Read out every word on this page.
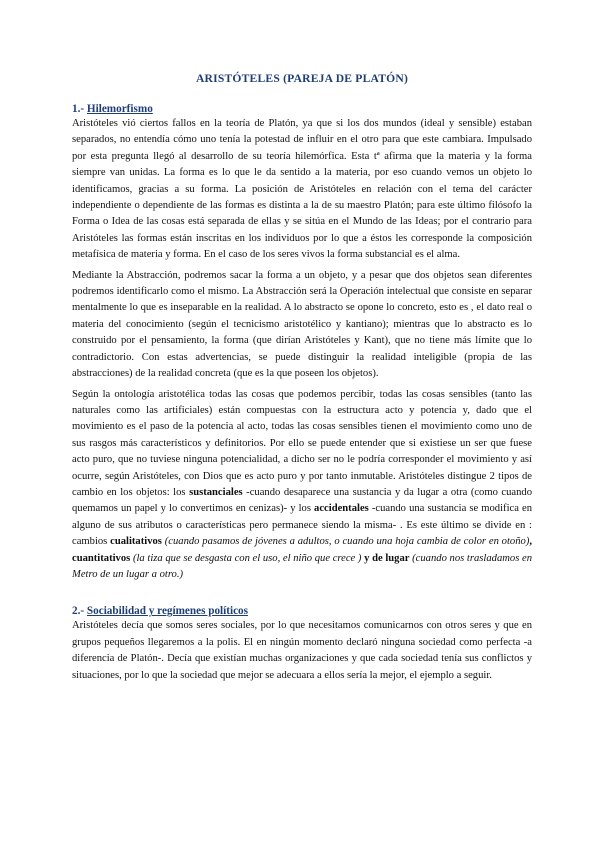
ARISTÓTELES (PAREJA DE PLATÓN)
1.- Hilemorfismo

Aristóteles vió ciertos fallos en la teoría de Platón, ya que si los dos mundos (ideal y sensible) estaban separados, no entendía cómo uno tenía la potestad de influir en el otro para que este cambiara. Impulsado por esta pregunta llegó al desarrollo de su teoría hilemórfica. Esta tª afirma que la materia y la forma siempre van unidas. La forma es lo que le da sentido a la materia, por eso cuando vemos un objeto lo identificamos, gracias a su forma. La posición de Aristóteles en relación con el tema del carácter independiente o dependiente de las formas es distinta a la de su maestro Platón; para este último filósofo la Forma o Idea de las cosas está separada de ellas y se sitúa en el Mundo de las Ideas; por el contrario para Aristóteles las formas están inscritas en los individuos por lo que a éstos les corresponde la composición metafísica de materia y forma. En el caso de los seres vivos la forma substancial es el alma.

Mediante la Abstracción, podremos sacar la forma a un objeto, y a pesar que dos objetos sean diferentes podremos identificarlo como el mismo. La Abstracción será la Operación intelectual que consiste en separar mentalmente lo que es inseparable en la realidad. A lo abstracto se opone lo concreto, esto es , el dato real o materia del conocimiento (según el tecnicismo aristotélico y kantiano); mientras que lo abstracto es lo construido por el pensamiento, la forma (que dirían Aristóteles y Kant), que no tiene más límite que lo contradictorio. Con estas advertencias, se puede distinguir la realidad inteligible (propia de las abstracciones) de la realidad concreta (que es la que poseen los objetos).

Según la ontología aristotélica todas las cosas que podemos percibir, todas las cosas sensibles (tanto las naturales como las artificiales) están compuestas con la estructura acto y potencia y, dado que el movimiento es el paso de la potencia al acto, todas las cosas sensibles tienen el movimiento como uno de sus rasgos más característicos y definitorios. Por ello se puede entender que si existiese un ser que fuese acto puro, que no tuviese ninguna potencialidad, a dicho ser no le podría corresponder el movimiento y así ocurre, según Aristóteles, con Dios que es acto puro y por tanto inmutable. Aristóteles distingue 2 tipos de cambio en los objetos: los sustanciales -cuando desaparece una sustancia y da lugar a otra (como cuando quemamos un papel y lo convertimos en cenizas)- y los accidentales -cuando una sustancia se modifica en alguno de sus atributos o características pero permanece siendo la misma- . Es este último se divide en : cambios cualitativos (cuando pasamos de jóvenes a adultos, o cuando una hoja cambia de color en otoño), cuantitativos (la tiza que se desgasta con el uso, el niño que crece ) y de lugar (cuando nos trasladamos en Metro de un lugar a otro.)

2.- Sociabilidad y regímenes políticos

Aristóteles decía que somos seres sociales, por lo que necesitamos comunicarnos con otros seres y que en grupos pequeños llegaremos a la polis. El en ningún momento declaró ninguna sociedad como perfecta -a diferencia de Platón-. Decía que existían muchas organizaciones y que cada sociedad tenía sus conflictos y situaciones, por lo que la sociedad que mejor se adecuara a ellos sería la mejor, el ejemplo a seguir.
